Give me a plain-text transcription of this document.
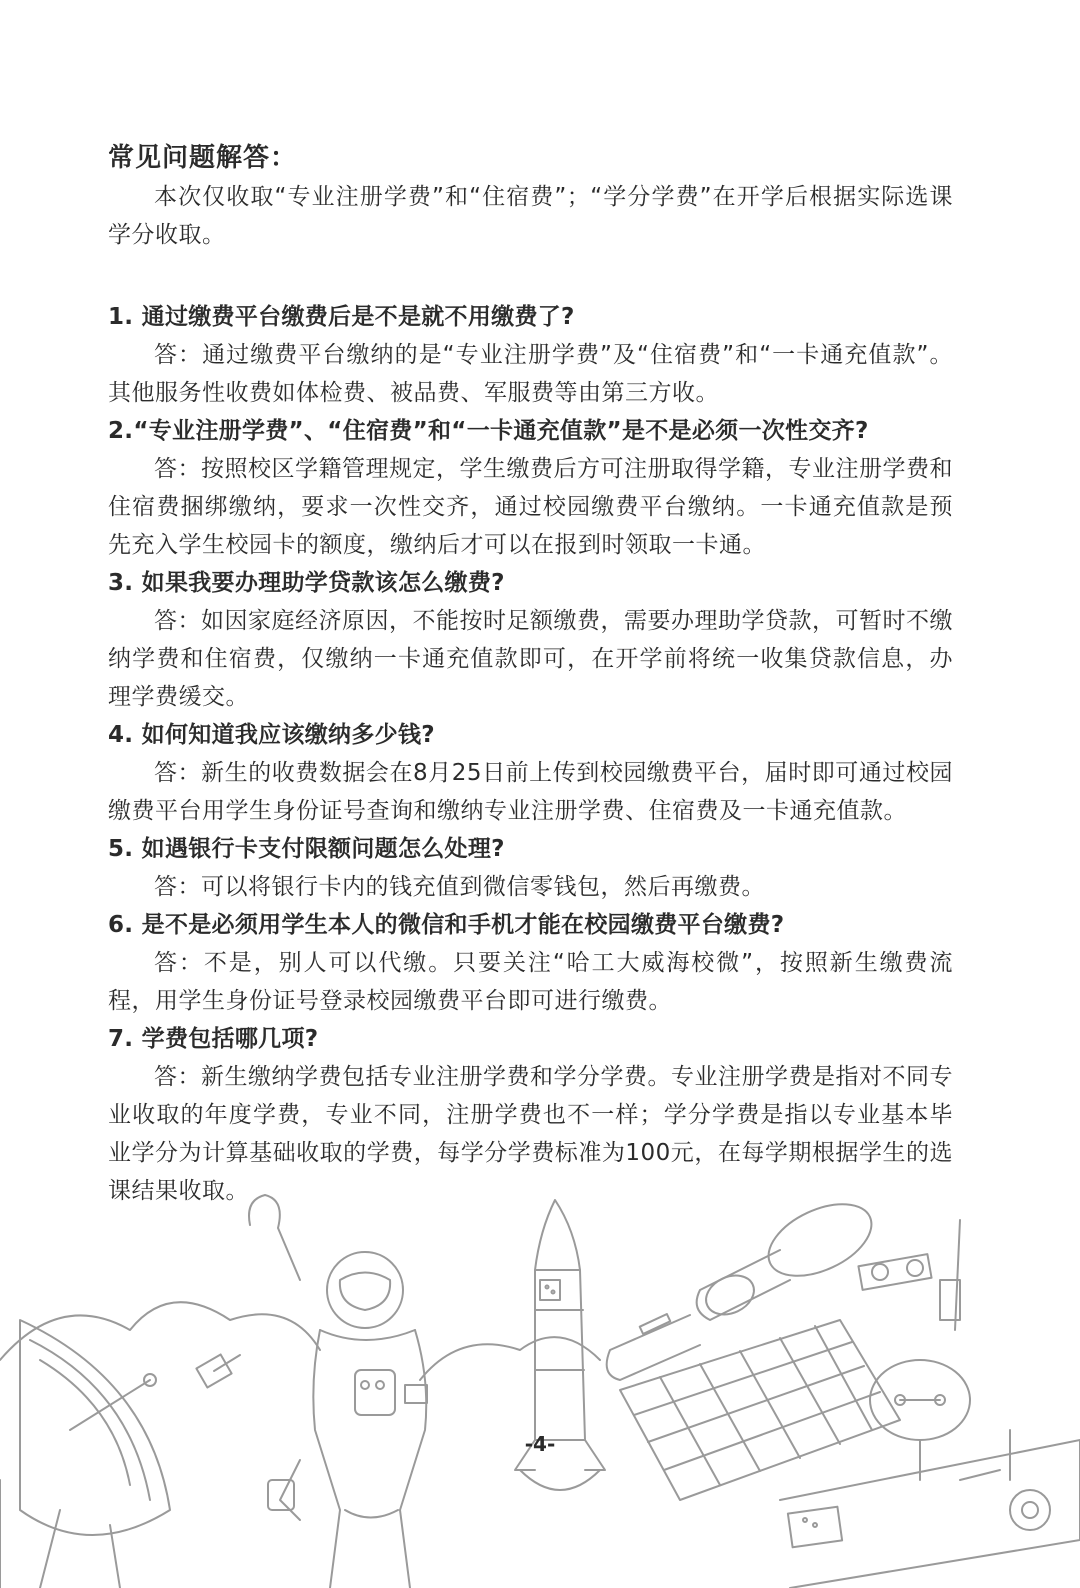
常见问题解答：

本次仅收取“专业注册学费”和“住宿费”；“学分学费”在开学后根据实际选课学分收取。

1. 通过缴费平台缴费后是不是就不用缴费了?

答：通过缴费平台缴纳的是“专业注册学费”及“住宿费”和“一卡通充值款”。其他服务性收费如体检费、被品费、军服费等由第三方收。

2.“专业注册学费”、“住宿费”和“一卡通充值款”是不是必须一次性交齐?

答：按照校区学籍管理规定，学生缴费后方可注册取得学籍，专业注册学费和住宿费捆绑缴纳，要求一次性交齐，通过校园缴费平台缴纳。一卡通充值款是预先充入学生校园卡的额度，缴纳后才可以在报到时领取一卡通。

3. 如果我要办理助学贷款该怎么缴费?

答：如因家庭经济原因，不能按时足额缴费，需要办理助学贷款，可暂时不缴纳学费和住宿费，仅缴纳一卡通充值款即可，在开学前将统一收集贷款信息，办理学费缓交。

4. 如何知道我应该缴纳多少钱?

答：新生的收费数据会在8月25日前上传到校园缴费平台，届时即可通过校园缴费平台用学生身份证号查询和缴纳专业注册学费、住宿费及一卡通充值款。

5. 如遇银行卡支付限额问题怎么处理?

答：可以将银行卡内的钱充值到微信零钱包，然后再缴费。

6. 是不是必须用学生本人的微信和手机才能在校园缴费平台缴费?

答：不是，别人可以代缴。只要关注“哈工大威海校微”，按照新生缴费流程，用学生身份证号登录校园缴费平台即可进行缴费。

7. 学费包括哪几项?

答：新生缴纳学费包括专业注册学费和学分学费。专业注册学费是指对不同专业收取的年度学费，专业不同，注册学费也不一样；学分学费是指以专业基本毕业学分为计算基础收取的学费，每学分学费标准为100元，在每学期根据学生的选课结果收取。

-4-
